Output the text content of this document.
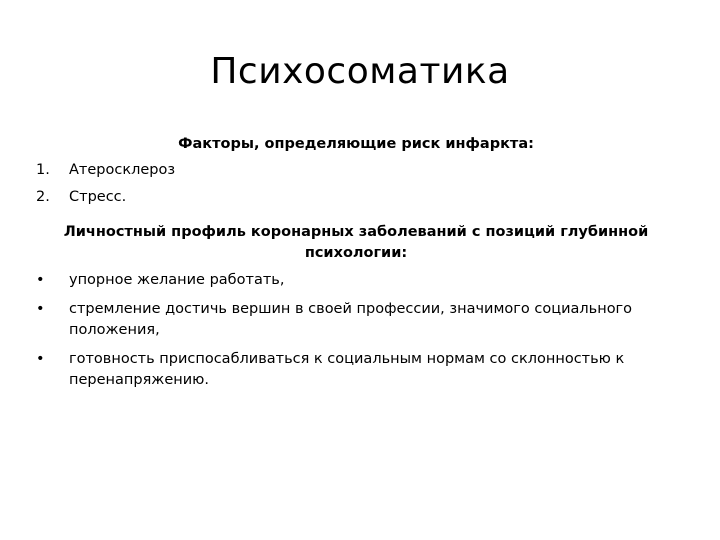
Психосоматика

Факторы, определяющие риск инфаркта:

1. Атеросклероз
2. Стресс.

Личностный профиль коронарных заболеваний с позиций глубинной психологии:

• упорное желание работать,
• стремление достичь вершин в своей профессии, значимого социального положения,
• готовность приспосабливаться к социальным нормам со склонностью к перенапряжению.
